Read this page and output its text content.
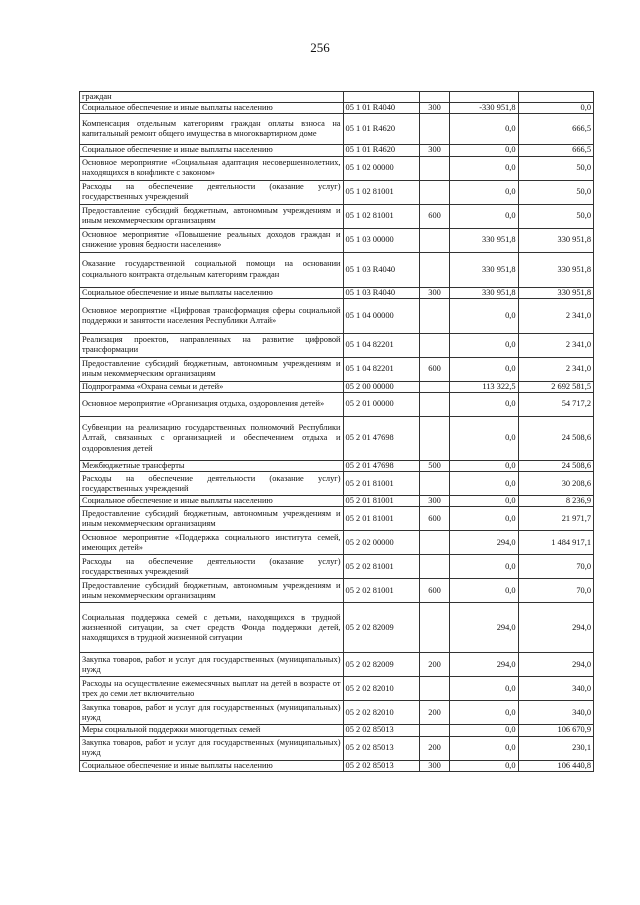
256
граждан				
Социальное обеспечение и иные выплаты населению	05 1 01 R4040	300	-330 951,8	0,0
Компенсация отдельным категориям граждан оплаты взноса на капитальный ремонт общего имущества в многоквартирном доме	05 1 01 R4620		0,0	666,5
Социальное обеспечение и иные выплаты населению	05 1 01 R4620	300	0,0	666,5
Основное мероприятие «Социальная адаптация несовершеннолетних, находящихся в конфликте с законом»	05 1 02 00000		0,0	50,0
Расходы на обеспечение деятельности (оказание услуг) государственных учреждений	05 1 02 81001		0,0	50,0
Предоставление субсидий бюджетным, автономным учреждениям и иным некоммерческим организациям	05 1 02 81001	600	0,0	50,0
Основное мероприятие «Повышение реальных доходов граждан и снижение уровня бедности населения»	05 1 03 00000		330 951,8	330 951,8
Оказание государственной социальной помощи на основании социального контракта отдельным категориям граждан	05 1 03 R4040		330 951,8	330 951,8
Социальное обеспечение и иные выплаты населению	05 1 03 R4040	300	330 951,8	330 951,8
Основное мероприятие «Цифровая трансформация сферы социальной поддержки и занятости населения Республики Алтай»	05 1 04 00000		0,0	2 341,0
Реализация проектов, направленных на развитие цифровой трансформации	05 1 04 82201		0,0	2 341,0
Предоставление субсидий бюджетным, автономным учреждениям и иным некоммерческим организациям	05 1 04 82201	600	0,0	2 341,0
Подпрограмма «Охрана семьи и детей»	05 2 00 00000		113 322,5	2 692 581,5
Основное мероприятие «Организация отдыха, оздоровления детей»	05 2 01 00000		0,0	54 717,2
Субвенции на реализацию государственных полномочий Республики Алтай, связанных с организацией и обеспечением отдыха и оздоровления детей	05 2 01 47698		0,0	24 508,6
Межбюджетные трансферты	05 2 01 47698	500	0,0	24 508,6
Расходы на обеспечение деятельности (оказание услуг) государственных учреждений	05 2 01 81001		0,0	30 208,6
Социальное обеспечение и иные выплаты населению	05 2 01 81001	300	0,0	8 236,9
Предоставление субсидий бюджетным, автономным учреждениям и иным некоммерческим организациям	05 2 01 81001	600	0,0	21 971,7
Основное мероприятие «Поддержка социального института семей, имеющих детей»	05 2 02 00000		294,0	1 484 917,1
Расходы на обеспечение деятельности (оказание услуг) государственных учреждений	05 2 02 81001		0,0	70,0
Предоставление субсидий бюджетным, автономным учреждениям и иным некоммерческим организациям	05 2 02 81001	600	0,0	70,0
Социальная поддержка семей с детьми, находящихся в трудной жизненной ситуации, за счет средств Фонда поддержки детей, находящихся в трудной жизненной ситуации	05 2 02 82009		294,0	294,0
Закупка товаров, работ и услуг для государственных (муниципальных) нужд	05 2 02 82009	200	294,0	294,0
Расходы на осуществление ежемесячных выплат на детей в возрасте от трех до семи лет включительно	05 2 02 82010		0,0	340,0
Закупка товаров, работ и услуг для государственных (муниципальных) нужд	05 2 02 82010	200	0,0	340,0
Меры социальной поддержки многодетных семей	05 2 02 85013		0,0	106 670,9
Закупка товаров, работ и услуг для государственных (муниципальных) нужд	05 2 02 85013	200	0,0	230,1
Социальное обеспечение и иные выплаты населению	05 2 02 85013	300	0,0	106 440,8
